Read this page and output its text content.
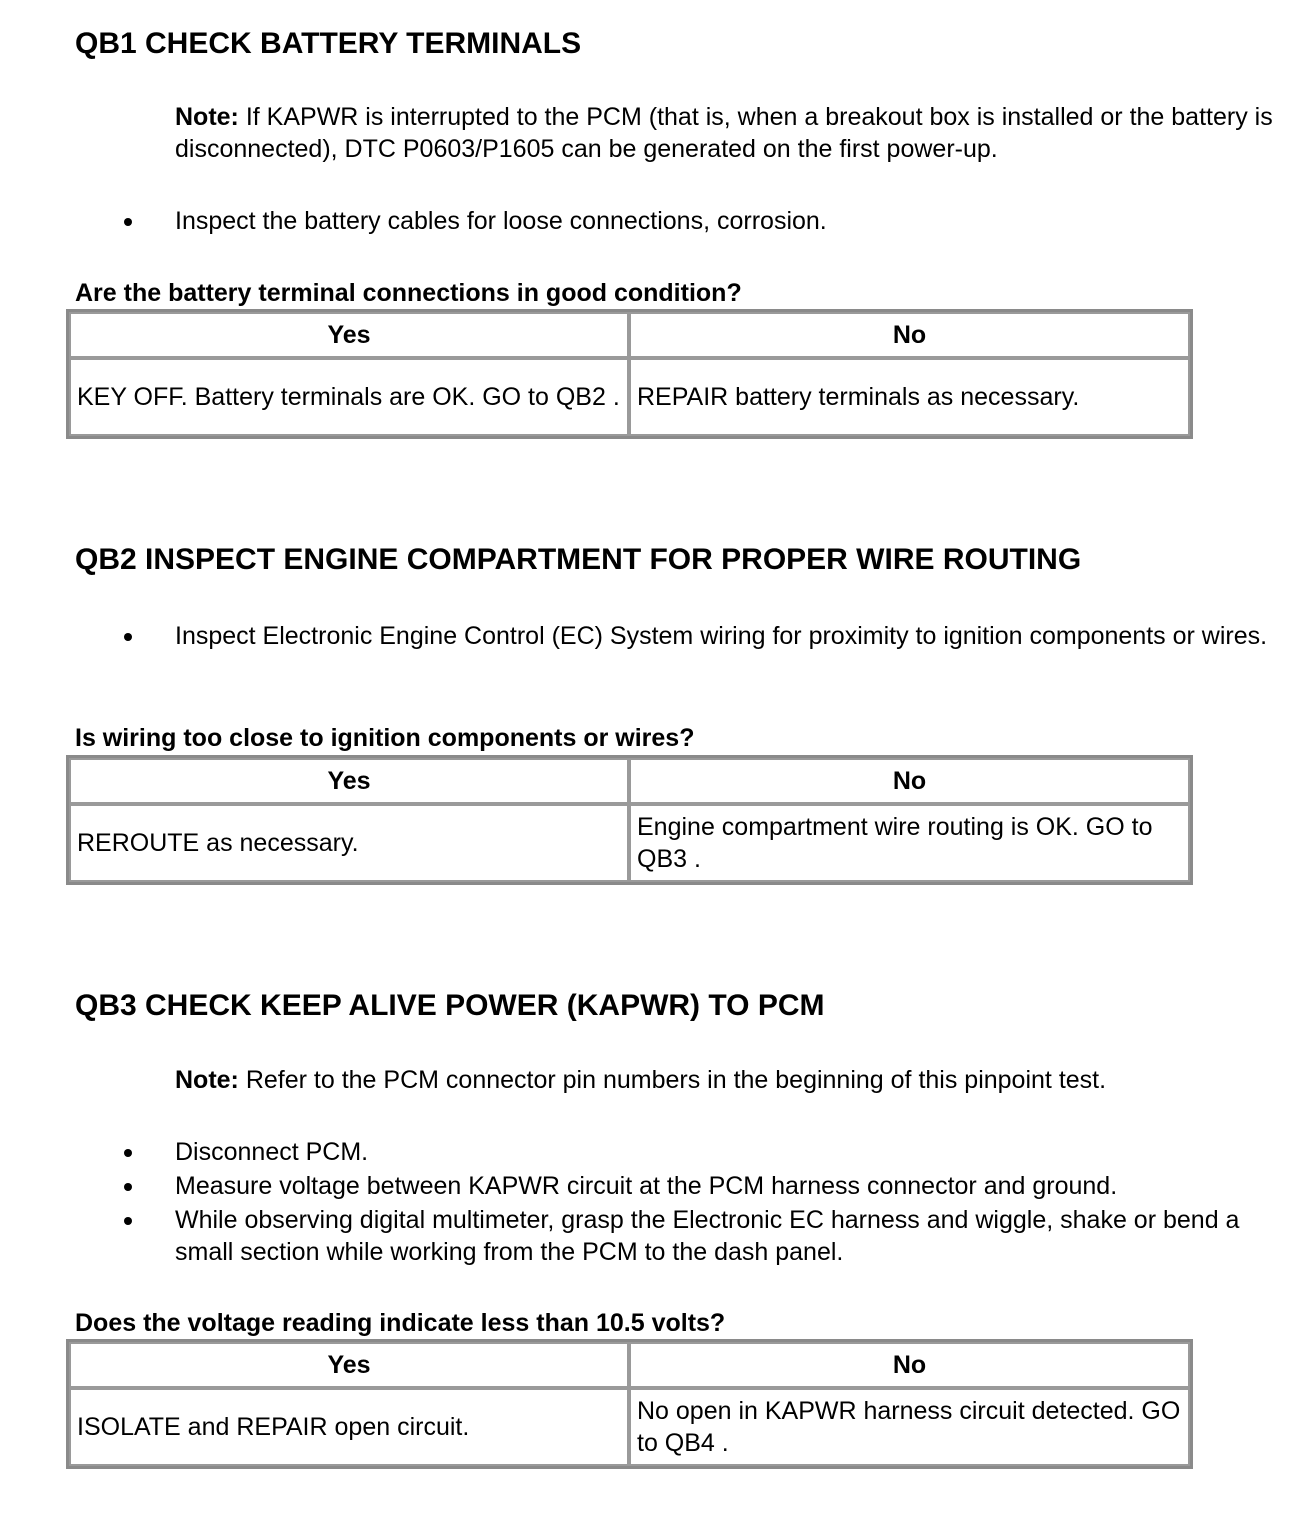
QB1 CHECK BATTERY TERMINALS
Note: If KAPWR is interrupted to the PCM (that is, when a breakout box is installed or the battery is disconnected), DTC P0603/P1605 can be generated on the first power-up.
Inspect the battery cables for loose connections, corrosion.

Are the battery terminal connections in good condition?

Yes	No
KEY OFF. Battery terminals are OK. GO to QB2 .	REPAIR battery terminals as necessary.
QB2 INSPECT ENGINE COMPARTMENT FOR PROPER WIRE ROUTING
Inspect Electronic Engine Control (EC) System wiring for proximity to ignition components or wires.

Is wiring too close to ignition components or wires?

Yes	No
REROUTE as necessary.	Engine compartment wire routing is OK. GO to QB3 .
QB3 CHECK KEEP ALIVE POWER (KAPWR) TO PCM
Note: Refer to the PCM connector pin numbers in the beginning of this pinpoint test.
Disconnect PCM.
Measure voltage between KAPWR circuit at the PCM harness connector and ground.
While observing digital multimeter, grasp the Electronic EC harness and wiggle, shake or bend a small section while working from the PCM to the dash panel.

Does the voltage reading indicate less than 10.5 volts?

Yes	No
ISOLATE and REPAIR open circuit.	No open in KAPWR harness circuit detected. GO to QB4 .
